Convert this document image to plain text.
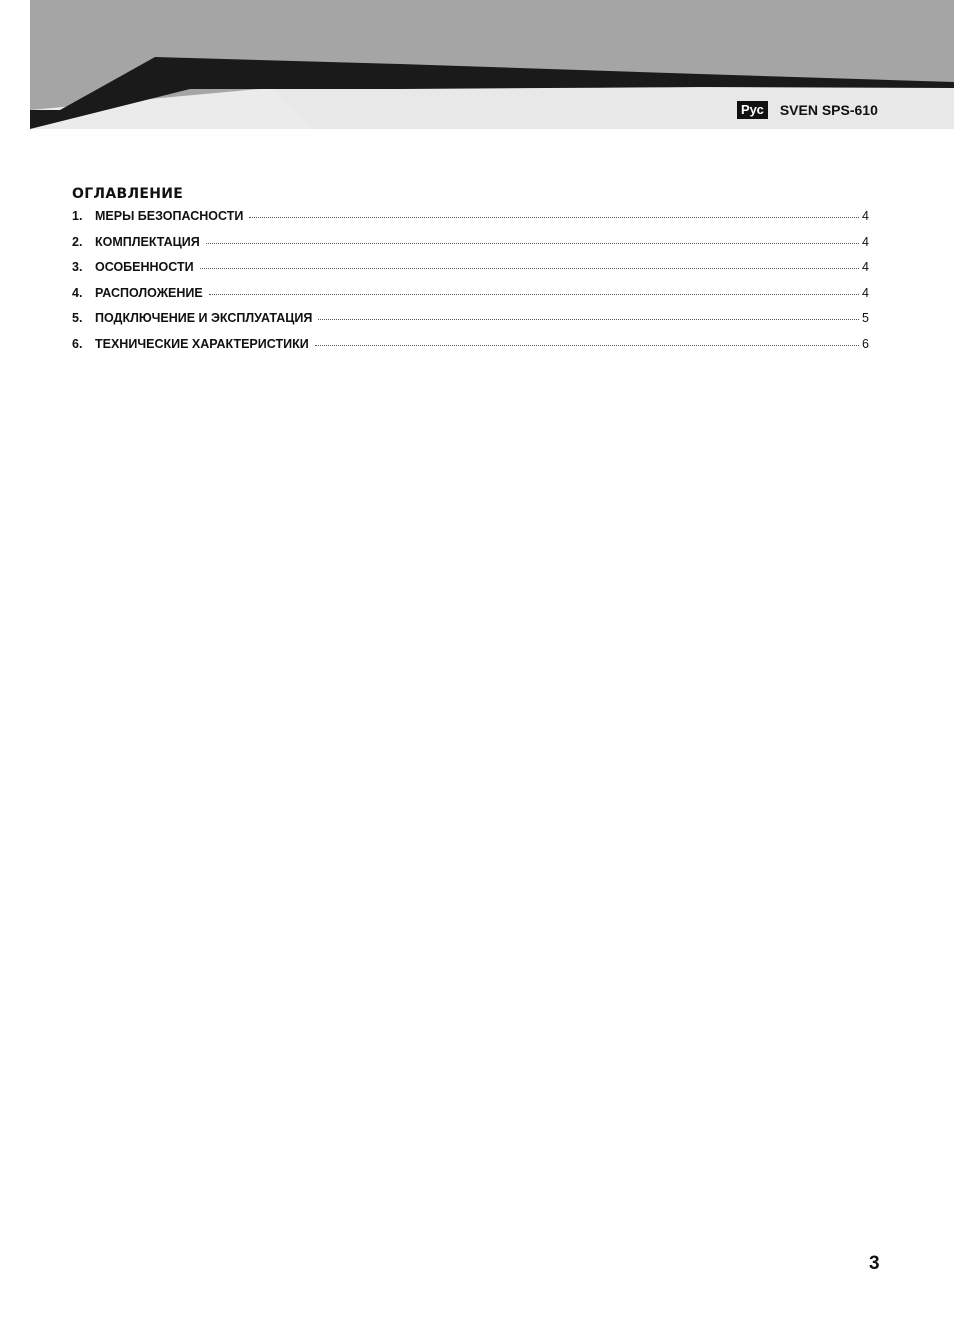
Рус SVEN SPS-610
ОГЛАВЛЕНИЕ
1.	МЕРЫ БЕЗОПАСНОСТИ	4
2.	КОМПЛЕКТАЦИЯ	4
3.	ОСОБЕННОСТИ	4
4.	РАСПОЛОЖЕНИЕ	4
5.	ПОДКЛЮЧЕНИЕ И ЭКСПЛУАТАЦИЯ	5
6.	ТЕХНИЧЕСКИЕ ХАРАКТЕРИСТИКИ	6
3
